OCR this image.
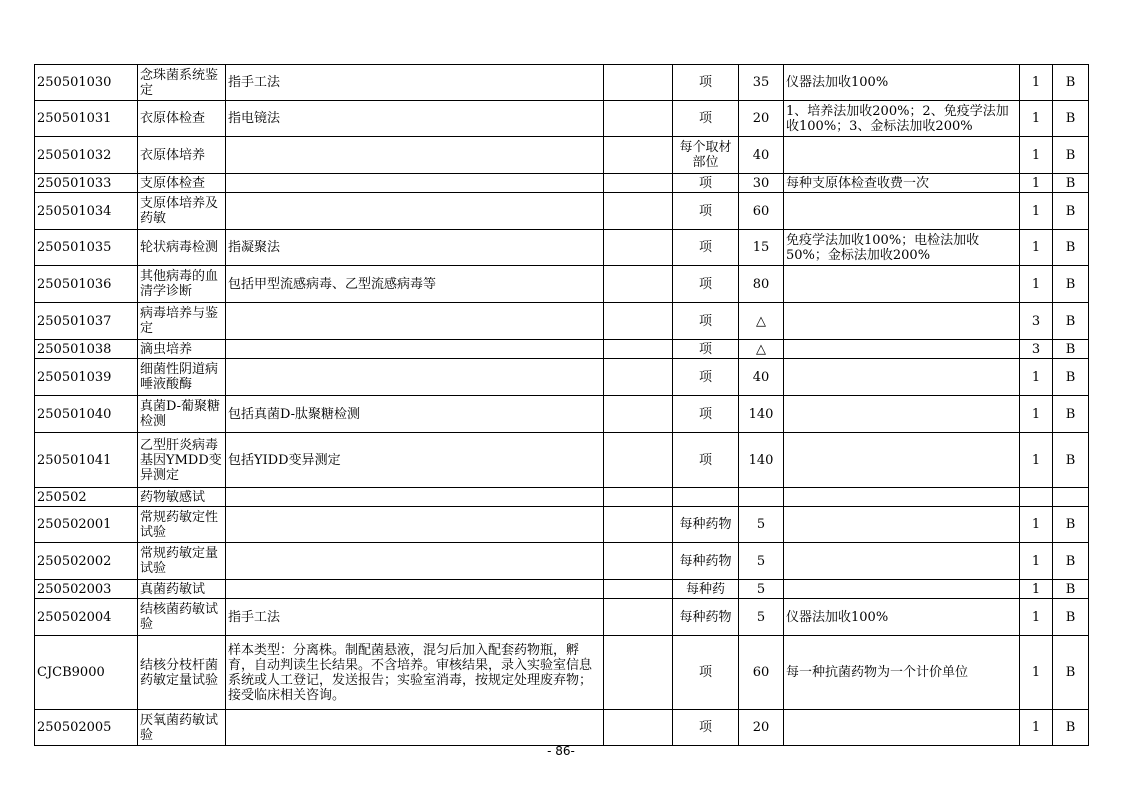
250501030	念珠菌系统鉴定	指手工法		项	35	仪器法加收100%	1	B
250501031	衣原体检查	指电镜法		项	20	1、培养法加收200%；2、免疫学法加收100%；3、金标法加收200%	1	B
250501032	衣原体培养			每个取材部位	40		1	B
250501033	支原体检查			项	30	每种支原体检查收费一次	1	B
250501034	支原体培养及药敏			项	60		1	B
250501035	轮状病毒检测	指凝聚法		项	15	免疫学法加收100%；电检法加收50%；金标法加收200%	1	B
250501036	其他病毒的血清学诊断	包括甲型流感病毒、乙型流感病毒等		项	80		1	B
250501037	病毒培养与鉴定			项	△		3	B
250501038	滴虫培养			项	△		3	B
250501039	细菌性阴道病唾液酸酶			项	40		1	B
250501040	真菌D-葡聚糖检测	包括真菌D-肽聚糖检测		项	140		1	B
250501041	乙型肝炎病毒基因YMDD变异测定	包括YIDD变异测定		项	140		1	B
250502	药物敏感试							
250502001	常规药敏定性试验			每种药物	5		1	B
250502002	常规药敏定量试验			每种药物	5		1	B
250502003	真菌药敏试			每种药	5		1	B
250502004	结核菌药敏试验	指手工法		每种药物	5	仪器法加收100%	1	B
CJCB9000	结核分枝杆菌药敏定量试验	样本类型：分离株。制配菌悬液，混匀后加入配套药物瓶，孵育，自动判读生长结果。不含培养。审核结果，录入实验室信息系统或人工登记，发送报告；实验室消毒，按规定处理废弃物；接受临床相关咨询。		项	60	每一种抗菌药物为一个计价单位	1	B
250502005	厌氧菌药敏试验			项	20		1	B
- 86-
